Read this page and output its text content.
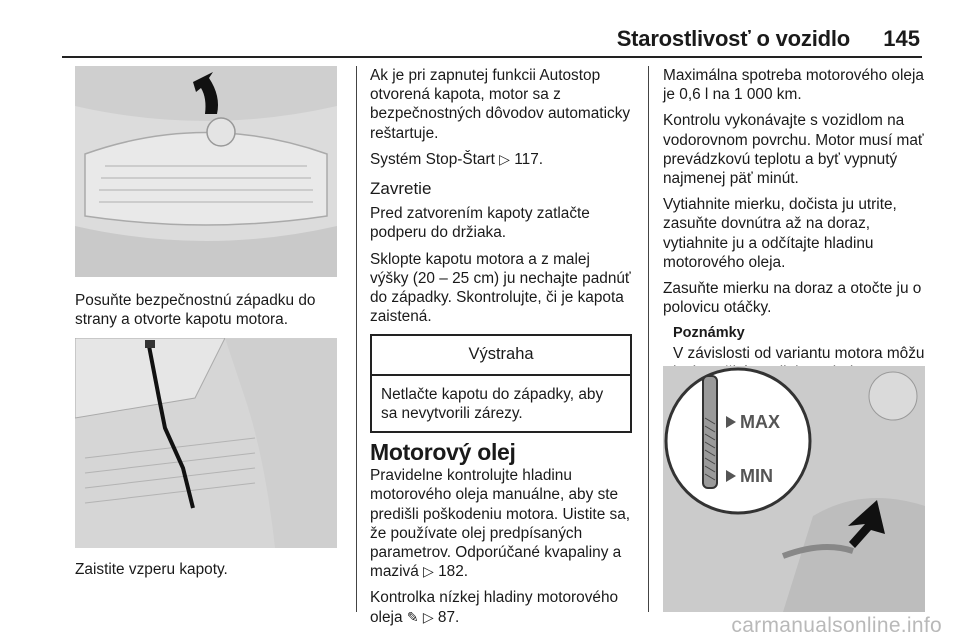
Starostlivosť o vozidlo 145
Posuňte bezpečnostnú západku do strany a otvorte kapotu motora.
Zaistite vzperu kapoty.

Ak je pri zapnutej funkcii Autostop otvorená kapota, motor sa z bezpečnostných dôvodov automaticky reštartuje.

Systém Stop-Štart ▷ 117.

Zavretie

Pred zatvorením kapoty zatlačte podperu do držiaka.

Sklopte kapotu motora a z malej výšky (20 – 25 cm) ju nechajte padnúť do západky. Skontrolujte, či je kapota zaistená.

Výstraha
Netlačte kapotu do západky, aby sa nevytvorili zárezy.
Motorový olej

Pravidelne kontrolujte hladinu motorového oleja manuálne, aby ste predišli poškodeniu motora. Uistite sa, že používate olej predpísaných parametrov. Odporúčané kvapaliny a mazivá ▷ 182.

Kontrolka nízkej hladiny motorového oleja ✎ ▷ 87.

Maximálna spotreba motorového oleja je 0,6 l na 1 000 km.

Kontrolu vykonávajte s vozidlom na vodorovnom povrchu. Motor musí mať prevádzkovú teplotu a byť vypnutý najmenej päť minút.

Vytiahnite mierku, dočista ju utrite, zasuňte dovnútra až na doraz, vytiahnite ju a odčítajte hladinu motorového oleja.

Zasuňte mierku na doraz a otočte ju o polovicu otáčky.

Poznámky
V závislosti od variantu motora môžu
MAX
MIN
carmanualsonline.info
